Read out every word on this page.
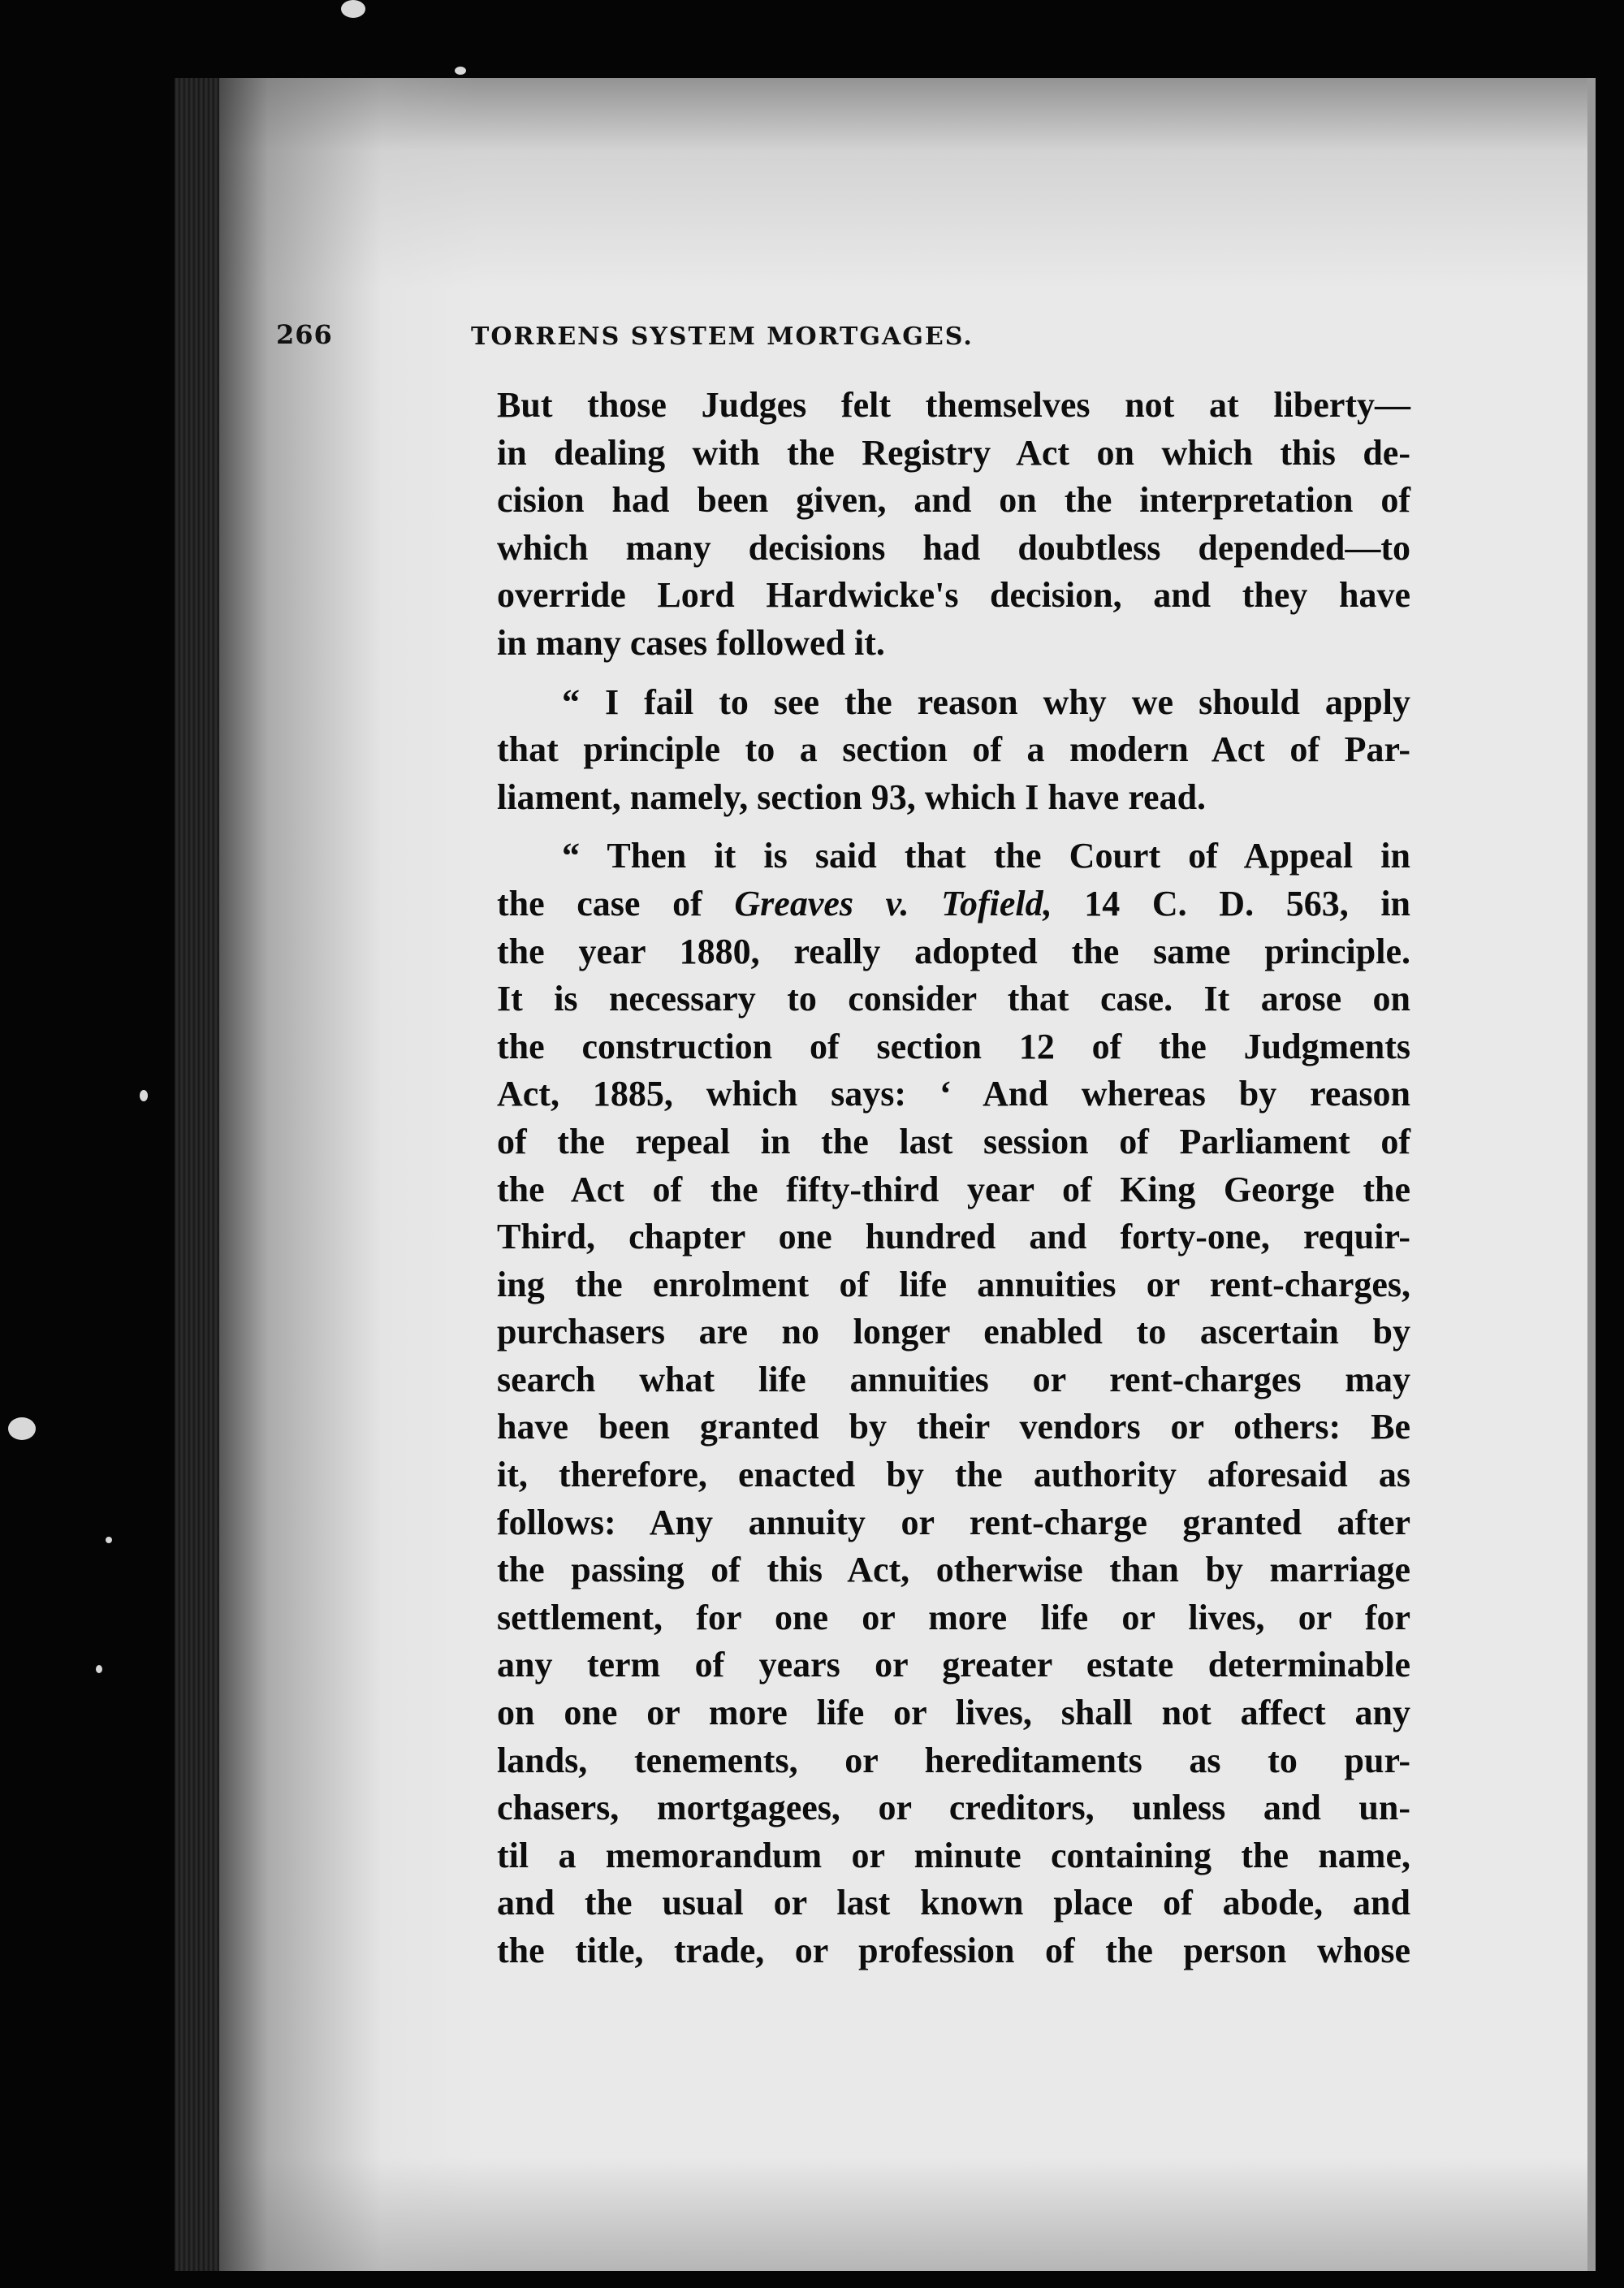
266	TORRENS SYSTEM MORTGAGES.
But those Judges felt themselves not at liberty—
in dealing with the Registry Act on which this de-
cision had been given, and on the interpretation of
which many decisions had doubtless depended—to
override Lord Hardwicke's decision, and they have
in many cases followed it.
“ I fail to see the reason why we should apply
that principle to a section of a modern Act of Par-
liament, namely, section 93, which I have read.
“ Then it is said that the Court of Appeal in
the case of Greaves v. Tofield, 14 C. D. 563, in
the year 1880, really adopted the same principle.
It is necessary to consider that case. It arose on
the construction of section 12 of the Judgments
Act, 1885, which says: ‘ And whereas by reason
of the repeal in the last session of Parliament of
the Act of the fifty-third year of King George the
Third, chapter one hundred and forty-one, requir-
ing the enrolment of life annuities or rent-charges,
purchasers are no longer enabled to ascertain by
search what life annuities or rent-charges may
have been granted by their vendors or others: Be
it, therefore, enacted by the authority aforesaid as
follows: Any annuity or rent-charge granted after
the passing of this Act, otherwise than by marriage
settlement, for one or more life or lives, or for
any term of years or greater estate determinable
on one or more life or lives, shall not affect any
lands, tenements, or hereditaments as to pur-
chasers, mortgagees, or creditors, unless and un-
til a memorandum or minute containing the name,
and the usual or last known place of abode, and
the title, trade, or profession of the person whose
